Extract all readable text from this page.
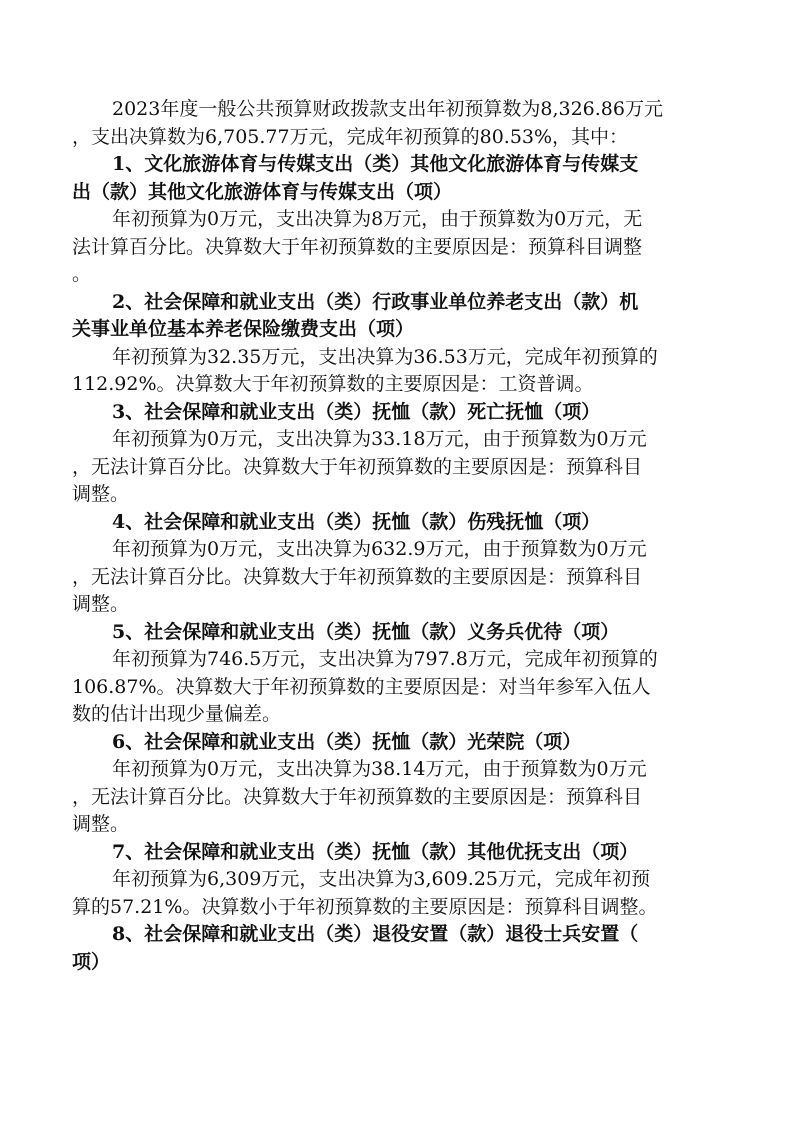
2023年度一般公共预算财政拨款支出年初预算数为8,326.86万元
，支出决算数为6,705.77万元，完成年初预算的80.53%，其中：
1、文化旅游体育与传媒支出（类）其他文化旅游体育与传媒支
出（款）其他文化旅游体育与传媒支出（项）
年初预算为0万元，支出决算为8万元，由于预算数为0万元，无
法计算百分比。决算数大于年初预算数的主要原因是：预算科目调整
。
2、社会保障和就业支出（类）行政事业单位养老支出（款）机
关事业单位基本养老保险缴费支出（项）
年初预算为32.35万元，支出决算为36.53万元，完成年初预算的
112.92%。决算数大于年初预算数的主要原因是：工资普调。
3、社会保障和就业支出（类）抚恤（款）死亡抚恤（项）
年初预算为0万元，支出决算为33.18万元，由于预算数为0万元
，无法计算百分比。决算数大于年初预算数的主要原因是：预算科目
调整。
4、社会保障和就业支出（类）抚恤（款）伤残抚恤（项）
年初预算为0万元，支出决算为632.9万元，由于预算数为0万元
，无法计算百分比。决算数大于年初预算数的主要原因是：预算科目
调整。
5、社会保障和就业支出（类）抚恤（款）义务兵优待（项）
年初预算为746.5万元，支出决算为797.8万元，完成年初预算的
106.87%。决算数大于年初预算数的主要原因是：对当年参军入伍人
数的估计出现少量偏差。
6、社会保障和就业支出（类）抚恤（款）光荣院（项）
年初预算为0万元，支出决算为38.14万元，由于预算数为0万元
，无法计算百分比。决算数大于年初预算数的主要原因是：预算科目
调整。
7、社会保障和就业支出（类）抚恤（款）其他优抚支出（项）
年初预算为6,309万元，支出决算为3,609.25万元，完成年初预
算的57.21%。决算数小于年初预算数的主要原因是：预算科目调整。
8、社会保障和就业支出（类）退役安置（款）退役士兵安置（
项）
